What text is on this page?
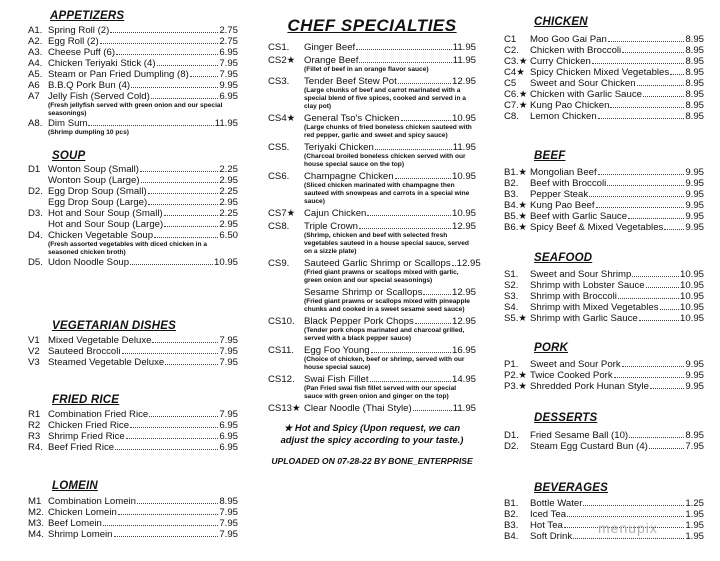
APPETIZERS
A1. Spring Roll (2)	2.75
A2. Egg Roll (2)	2.75
A3. Cheese Puff (6)	6.95
A4. Chicken Teriyaki Stick (4)	7.95
A5. Steam or Pan Fried Dumpling (8)	7.95
A6 B.B.Q Pork Bun (4)	9.95
A7 Jelly Fish (Served Cold)	6.95
(Fresh jellyfish served with green onion and our special seasonings)
A8. Dim Sum	11.95
(Shrimp dumpling 10 pcs)
SOUP
D1 Wonton Soup (Small)	2.25
Wonton Soup (Large)	2.95
D2. Egg Drop Soup (Small)	2.25
Egg Drop Soup (Large)	2.95
D3. Hot and Sour Soup (Small)	2.25
Hot and Sour Soup (Large)	2.95
D4. Chicken Vegetable Soup	6.50
(Fresh assorted vegetables with diced chicken in a seasoned chicken broth)
D5. Udon Noodle Soup	10.95
VEGETARIAN DISHES
V1 Mixed Vegetable Deluxe	7.95
V2 Sauteed Broccoli	7.95
V3 Steamed Vegetable Deluxe	7.95
FRIED RICE
R1 Combination Fried Rice	7.95
R2 Chicken Fried Rice	6.95
R3 Shrimp Fried Rice	6.95
R4. Beef Fried Rice	6.95
LOMEIN
M1 Combination Lomein	8.95
M2. Chicken Lomein	7.95
M3. Beef Lomein	7.95
M4. Shrimp Lomein	7.95
CHEF SPECIALTIES
CS1.	Ginger Beef	11.95
CS2★ Orange Beef	11.95
(Fillet of beef in an orange flavor sauce)
CS3.	Tender Beef Stew Pot	12.95
(Large chunks of beef and carrot marinated with a special blend of five spices, cooked and served in a clay pot)
CS4★ General Tso's Chicken	10.95
(Large chunks of fried boneless chicken sauteed with red pepper, garlic and sweet and spicy sauce)
CS5.	Teriyaki Chicken	11.95
(Charcoal broiled boneless chicken served with our house special sauce on the top)
CS6.	Champagne Chicken	10.95
(Sliced chicken marinated with champagne then sauteed with snowpeas and carrots in a special wine sauce)
CS7★ Cajun Chicken	10.95
CS8.	Triple Crown	12.95
(Shrimp, chicken and beef with selected fresh vegetables sauteed in a house special sauce, served on a sizzle plate)
CS9.	Sauteed Garlic Shrimp or Scallops 12.95
(Fried giant prawns or scallops mixed with garlic, green onion and our special seasonings)
Sesame Shrimp or Scallops	12.95
(Fried giant prawns or scallops mixed with pineapple chunks and cooked in a sweet sesame seed sauce)
CS10. Black Pepper Pork Chops	12.95
(Tender pork chops marinated and charcoal grilled, served with a black pepper sauce)
CS11.	Egg Foo Young	16.95
(Choice of chicken, beef or shrimp, served with our house special sauce)
CS12. Swai Fish Fillet	14.95
(Pan Fried swai fish fillet served with our special sauce with green onion and ginger on the top)
CS13★ Clear Noodle (Thai Style)	11.95
★ Hot and Spicy (Upon request, we can
adjust the spicy according to your taste.)
UPLOADED ON 07-28-22 BY BONE_ENTERPRISE
CHICKEN
C1	Moo Goo Gai Pan	8.95
C2.	Chicken with Broccoli	8.95
C3.★ Curry Chicken	8.95
C4★ Spicy Chicken Mixed Vegetables 8.95
C5	Sweet and Sour Chicken	8.95
C6.★ Chicken with Garlic Sauce	8.95
C7.★ Kung Pao Chicken	8.95
C8.	Lemon Chicken	8.95
BEEF
B1.★ Mongolian Beef	9.95
B2.	Beef with Broccoli	9.95
B3.	Pepper Steak	9.95
B4.★ Kung Pao Beef	9.95
B5.★ Beef with Garlic Sauce	9.95
B6.★ Spicy Beef & Mixed Vegetables 9.95
SEAFOOD
S1.	Sweet and Sour Shrimp	10.95
S2.	Shrimp with Lobster Sauce	10.95
S3.	Shrimp with Broccoli	10.95
S4.	Shrimp with Mixed Vegetables 10.95
S5.★ Shrimp with Garlic Sauce	10.95
PORK
P1.	Sweet and Sour Pork	9.95
P2.★ Twice Cooked Pork	9.95
P3.★ Shredded Pork Hunan Style	9.95
DESSERTS
D1.	Fried Sesame Ball (10)	8.95
D2.	Steam Egg Custard Bun (4)	7.95
BEVERAGES
B1.	Bottle Water	1.25
B2.	Iced Tea	1.95
B3.	Hot Tea	1.95
B4.	Soft Drink	1.95
menupix
